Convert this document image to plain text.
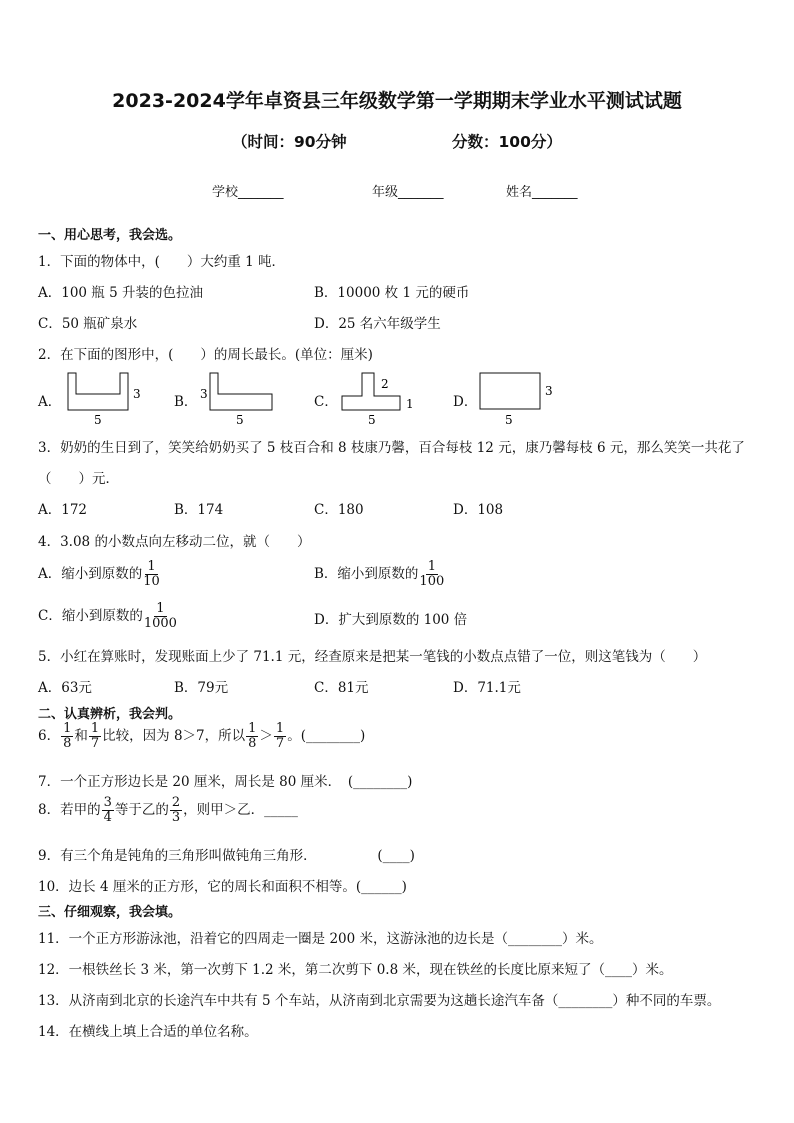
2023-2024学年卓资县三年级数学第一学期期末学业水平测试试题
（时间：90分钟	分数：100分）
学校_______	年级_______	姓名_______
一、用心思考，我会选。
1．下面的物体中，(　　）大约重 1 吨．
A．100 瓶 5 升装的色拉油	B．10000 枚 1 元的硬币
C．50 瓶矿泉水	D．25 名六年级学生
2．在下面的图形中，(　　）的周长最长。(单位：厘米)
A．	B．	C．	D．
3
5
3
5
2
1
5
3
5
3．奶奶的生日到了，笑笑给奶奶买了 5 枝百合和 8 枝康乃馨，百合每枝 12 元，康乃馨每枝 6 元，那么笑笑一共花了
（　　）元．
A．172	B．174	C．180	D．108
4．3.08 的小数点向左移动二位，就（　　）
A．缩小到原数的 $\frac{1}{10}$	B．缩小到原数的 $\frac{1}{100}$
C．缩小到原数的 $\frac{1}{1000}$	D．扩大到原数的 100 倍
5．小红在算账时，发现账面上少了 71.1 元，经查原来是把某一笔钱的小数点点错了一位，则这笔钱为（　　）
A．63元	B．79元	C．81元	D．71.1元
二、认真辨析，我会判。
6． $\frac{1}{8}$ 和 $\frac{1}{7}$ 比较，因为 8＞7，所以 $\frac{1}{8} > \frac{1}{7}$ 。(________)
7．一个正方形边长是 20 厘米，周长是 80 厘米．　(________)
8．若甲的 $\frac{3}{4}$ 等于乙的 $\frac{2}{3}$ ，则甲＞乙．_____
9．有三个角是钝角的三角形叫做钝角三角形．　　　　　(____)
10．边长 4 厘米的正方形，它的周长和面积不相等。(______)
三、仔细观察，我会填。
11．一个正方形游泳池，沿着它的四周走一圈是 200 米，这游泳池的边长是（________）米。
12．一根铁丝长 3 米，第一次剪下 1.2 米，第二次剪下 0.8 米，现在铁丝的长度比原来短了（____）米。
13．从济南到北京的长途汽车中共有 5 个车站，从济南到北京需要为这趟长途汽车备（________）种不同的车票。
14．在横线上填上合适的单位名称。
